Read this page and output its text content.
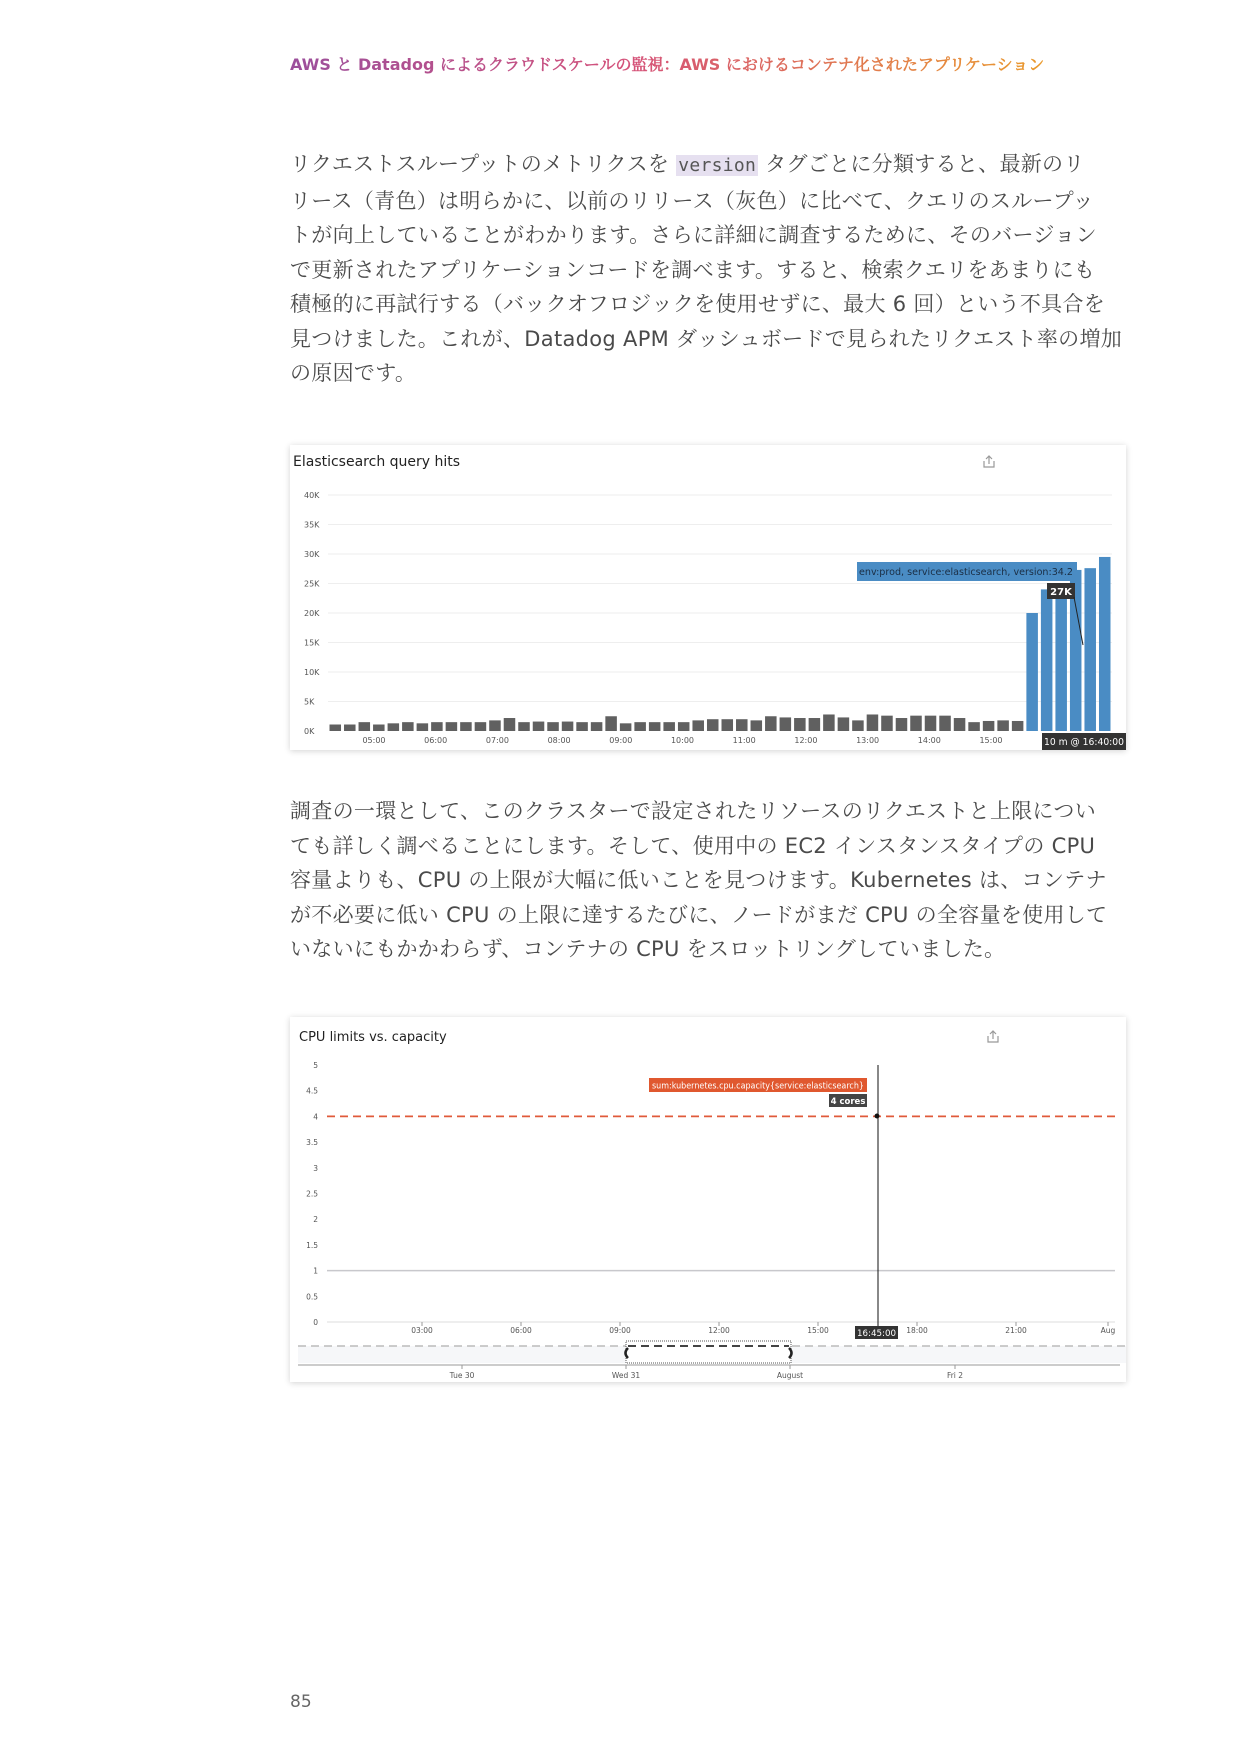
AWS と Datadog によるクラウドスケールの監視：AWS におけるコンテナ化されたアプリケーション
リクエストスループットのメトリクスを version タグごとに分類すると、最新のリ
リース（青色）は明らかに、以前のリリース（灰色）に比べて、クエリのスループッ
トが向上していることがわかります。さらに詳細に調査するために、そのバージョン
で更新されたアプリケーションコードを調べます。すると、検索クエリをあまりにも
積極的に再試行する（バックオフロジックを使用せずに、最大 6 回）という不具合を
見つけました。これが、Datadog APM ダッシュボードで見られたリクエスト率の増加
の原因です。
Elasticsearch query hits
0K
5K
10K
15K
20K
25K
30K
35K
40K
05:00	06:00	07:00	08:00	09:00	10:00	11:00	12:00	13:00	14:00	15:00
env:prod, service:elasticsearch, version:34.2
27K
10 m @ 16:40:00
調査の一環として、このクラスターで設定されたリソースのリクエストと上限につい
ても詳しく調べることにします。そして、使用中の EC2 インスタンスタイプの CPU
容量よりも、CPU の上限が大幅に低いことを見つけます。Kubernetes は、コンテナ
が不必要に低い CPU の上限に達するたびに、ノードがまだ CPU の全容量を使用して
いないにもかかわらず、コンテナの CPU をスロットリングしていました。
CPU limits vs. capacity
0
0.5
1
1.5
2
2.5
3
3.5
4
4.5
5
03:00	06:00	09:00	12:00	15:00	18:00	21:00	Aug
sum:kubernetes.cpu.capacity{service:elasticsearch}
4 cores
16:45:00
Tue 30	Wed 31	August	Fri 2
85
